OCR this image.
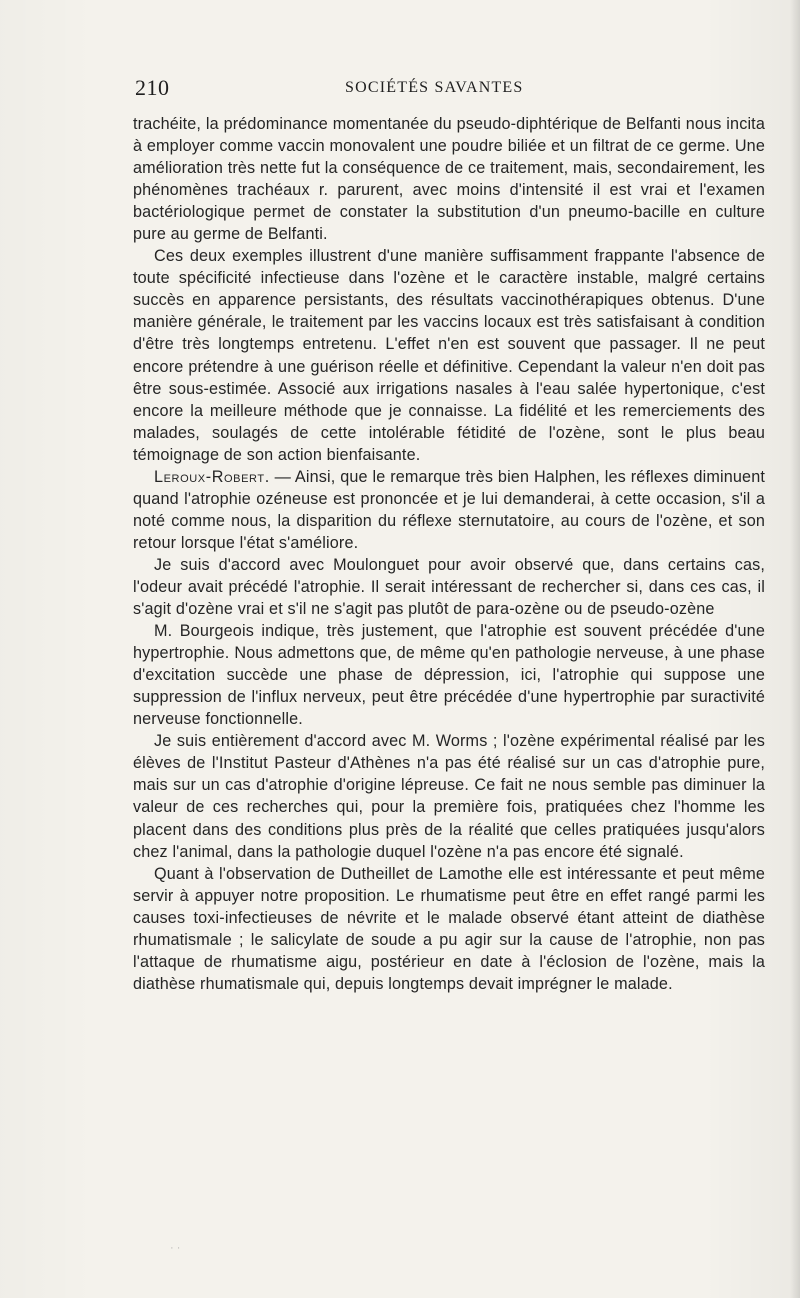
210	SOCIÉTÉS SAVANTES

trachéite, la prédominance momentanée du pseudo-diphtérique de Belfanti nous incita à employer comme vaccin monovalent une poudre biliée et un filtrat de ce germe. Une amélioration très nette fut la conséquence de ce traitement, mais, secondairement, les phénomènes trachéaux r. parurent, avec moins d'intensité il est vrai et l'examen bactériologique permet de constater la substitution d'un pneumo-bacille en culture pure au germe de Belfanti.

Ces deux exemples illustrent d'une manière suffisamment frappante l'absence de toute spécificité infectieuse dans l'ozène et le caractère instable, malgré certains succès en apparence persistants, des résultats vaccinothérapiques obtenus. D'une manière générale, le traitement par les vaccins locaux est très satisfaisant à condition d'être très longtemps entretenu. L'effet n'en est souvent que passager. Il ne peut encore prétendre à une guérison réelle et définitive. Cependant la valeur n'en doit pas être sous-estimée. Associé aux irrigations nasales à l'eau salée hypertonique, c'est encore la meilleure méthode que je connaisse. La fidélité et les remerciements des malades, soulagés de cette intolérable fétidité de l'ozène, sont le plus beau témoignage de son action bienfaisante.

Leroux-Robert. — Ainsi, que le remarque très bien Halphen, les réflexes diminuent quand l'atrophie ozéneuse est prononcée et je lui demanderai, à cette occasion, s'il a noté comme nous, la disparition du réflexe sternutatoire, au cours de l'ozène, et son retour lorsque l'état s'améliore.

Je suis d'accord avec Moulonguet pour avoir observé que, dans certains cas, l'odeur avait précédé l'atrophie. Il serait intéressant de rechercher si, dans ces cas, il s'agit d'ozène vrai et s'il ne s'agit pas plutôt de para-ozène ou de pseudo-ozène

M. Bourgeois indique, très justement, que l'atrophie est souvent précédée d'une hypertrophie. Nous admettons que, de même qu'en pathologie nerveuse, à une phase d'excitation succède une phase de dépression, ici, l'atrophie qui suppose une suppression de l'influx nerveux, peut être précédée d'une hypertrophie par suractivité nerveuse fonctionnelle.

Je suis entièrement d'accord avec M. Worms ; l'ozène expérimental réalisé par les élèves de l'Institut Pasteur d'Athènes n'a pas été réalisé sur un cas d'atrophie pure, mais sur un cas d'atrophie d'origine lépreuse. Ce fait ne nous semble pas diminuer la valeur de ces recherches qui, pour la première fois, pratiquées chez l'homme les placent dans des conditions plus près de la réalité que celles pratiquées jusqu'alors chez l'animal, dans la pathologie duquel l'ozène n'a pas encore été signalé.

Quant à l'observation de Dutheillet de Lamothe elle est intéressante et peut même servir à appuyer notre proposition. Le rhumatisme peut être en effet rangé parmi les causes toxi-infectieuses de névrite et le malade observé étant atteint de diathèse rhumatismale ; le salicylate de soude a pu agir sur la cause de l'atrophie, non pas l'attaque de rhumatisme aigu, postérieur en date à l'éclosion de l'ozène, mais la diathèse rhumatismale qui, depuis longtemps devait imprégner le malade.

· ·
